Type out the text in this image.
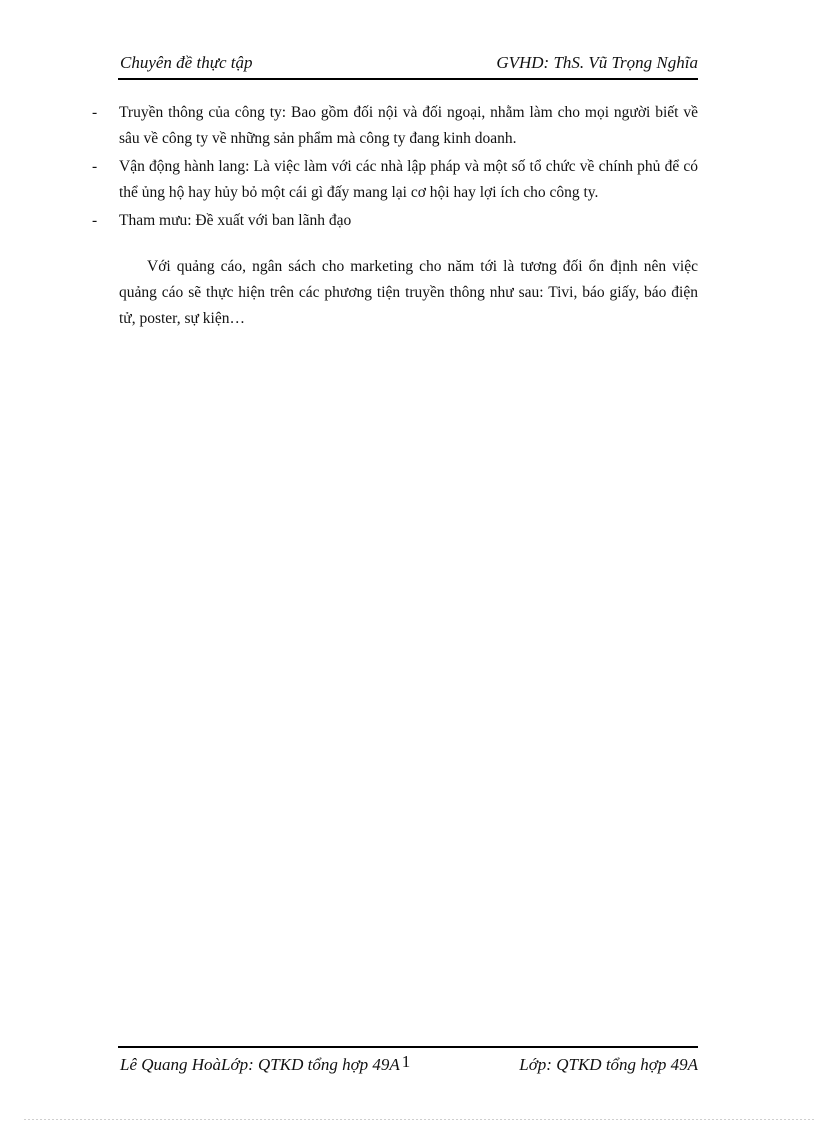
Chuyên đề thực tập	GVHD: ThS. Vũ Trọng Nghĩa
- Truyền thông của công ty: Bao gồm đối nội và đối ngoại, nhằm làm cho mọi người biết về sâu về công ty về những sản phẩm mà công ty đang kinh doanh.
- Vận động hành lang: Là việc làm với các nhà lập pháp và một số tổ chức về chính phủ để có thể ủng hộ hay hủy bỏ một cái gì đấy mang lại cơ hội hay lợi ích cho công ty.
- Tham mưu: Đề xuất với ban lãnh đạo

Với quảng cáo, ngân sách cho marketing cho năm tới là tương đối ổn định nên việc quảng cáo sẽ thực hiện trên các phương tiện truyền thông như sau: Tivi, báo giấy, báo điện tử, poster, sự kiện…

Lê Quang HoàLớp: QTKD tổng hợp 49A 1	Lớp: QTKD tổng hợp 49A
